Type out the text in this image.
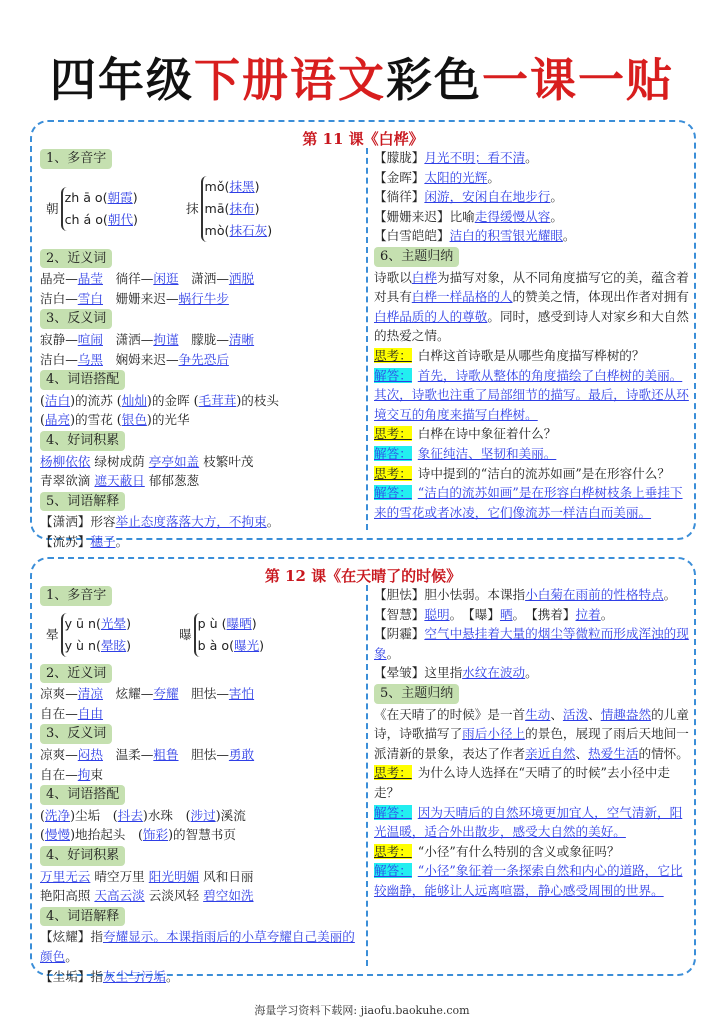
四年级下册语文彩色一课一贴
第 11 课《白桦》
1、多音字
朝
zh ā o(朝霞)
ch á o(朝代)
抹
mǒ(抹黑)
mā(抹布)
mò(抹石灰)
2、近义词
晶亮—晶莹　徜徉—闲逛　潇洒—洒脱
洁白—雪白　姗姗来迟—蜗行牛步
3、反义词
寂静—喧闹　潇洒—拘谨　朦胧—清晰
洁白—乌黑　娴姆来迟—争先恐后
4、词语搭配
(洁白)的流苏 (灿灿)的金晖 (毛茸茸)的枝头
(晶亮)的雪花 (银色)的光华
4、好词积累
杨柳依依 绿树成荫 亭亭如盖 枝繁叶茂
青翠欲滴 遮天蔽日 郁郁葱葱
5、词语解释
【潇洒】形容举止态度落落大方，不拘束。
【流苏】穗子。
【朦胧】月光不明；看不清。
【金晖】太阳的光辉。
【徜徉】闲游，安闲自在地步行。
【姗姗来迟】比喻走得缓慢从容。
【白雪皑皑】洁白的积雪银光耀眼。
6、主题归纳
诗歌以白桦为描写对象，从不同角度描写它的美，蕴含着对具有白桦一样品格的人的赞美之情，体现出作者对拥有白桦品质的人的尊敬。同时，感受到诗人对家乡和大自然的热爱之情。
思考： 白桦这首诗歌是从哪些角度描写桦树的？
解答： 首先，诗歌从整体的角度描绘了白桦树的美丽。其次，诗歌也注重了局部细节的描写。最后，诗歌还从环境交互的角度来描写白桦树。
思考： 白桦在诗中象征着什么？
解答： 象征纯洁、坚韧和美丽。
思考： 诗中提到的“洁白的流苏如画”是在形容什么？
解答： “洁白的流苏如画”是在形容白桦树枝条上垂挂下来的雪花或者冰凌，它们像流苏一样洁白而美丽。
第 12 课《在天晴了的时候》
1、多音字
晕
y ū n(光晕)
y ù n(晕眩)
曝
p ù (曝晒)
b à o(曝光)
2、近义词
凉爽—清凉　炫耀—夸耀　胆怯—害怕
自在—自由
3、反义词
凉爽—闷热　温柔—粗鲁　胆怯—勇敢
自在—拘束
4、词语搭配
(洗净)尘垢　(抖去)水珠　(涉过)溪流
(慢慢)地抬起头　(饰彩)的智慧书页
4、好词积累
万里无云 晴空万里 阳光明媚 风和日丽
艳阳高照 天高云淡 云淡风轻 碧空如洗
4、词语解释
【炫耀】指夸耀显示。本课指雨后的小草夸耀自己美丽的颜色。
【尘垢】指灰尘与污垢。
【胆怯】胆小怯弱。本课指小白菊在雨前的性格特点。
【智慧】聪明。　【曝】晒。　【携着】拉着。
【阴霾】空气中悬挂着大量的烟尘等微粒而形成浑浊的现象。
【晕皱】这里指水纹在波动。
5、主题归纳
《在天晴了的时候》是一首生动、活泼、情趣盎然的儿童诗，诗歌描写了雨后小径上的景色，展现了雨后天地间一派清新的景象，表达了作者亲近自然、热爱生活的情怀。
思考： 为什么诗人选择在“天晴了的时候”去小径中走走？
解答： 因为天晴后的自然环境更加宜人，空气清新，阳光温暖，适合外出散步，感受大自然的美好。
思考： “小径”有什么特别的含义或象征吗？
解答： “小径”象征着一条探索自然和内心的道路，它比较幽静，能够让人远离喧嚣，静心感受周围的世界。
海量学习资料下载网: jiaofu.baokuhe.com
